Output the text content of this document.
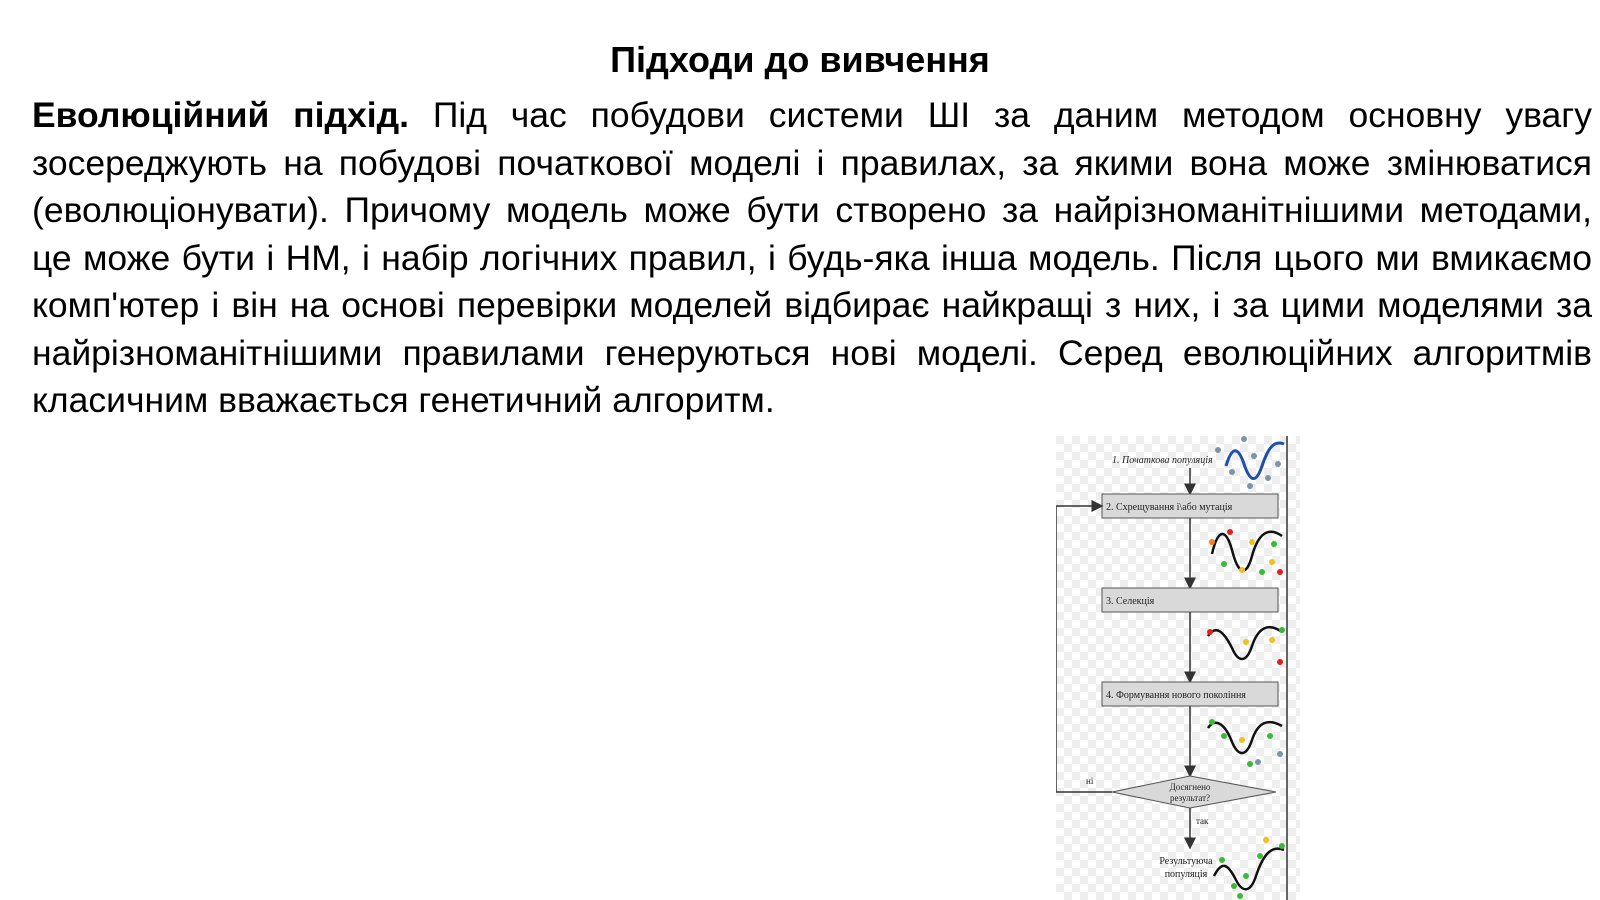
Підходи до вивчення
Еволюційний підхід. Під час побудови системи ШІ за даним методом основну увагу зосереджують на побудові початкової моделі і правилах, за якими вона може змінюватися (еволюціонувати). Причому модель може бути створено за найрізноманітнішими методами, це може бути і НМ, і набір логічних правил, і будь-яка інша модель. Після цього ми вмикаємо комп'ютер і він на основі перевірки моделей відбирає найкращі з них, і за цими моделями за найрізноманітнішими правилами генеруються нові моделі. Серед еволюційних алгоритмів класичним вважається генетичний алгоритм.
1. Початкова популяція
2. Схрещування і\або мутація
3. Селекція
4. Формування нового покоління
Досягнено
результат?
ні
так
Результуюча
популяція
